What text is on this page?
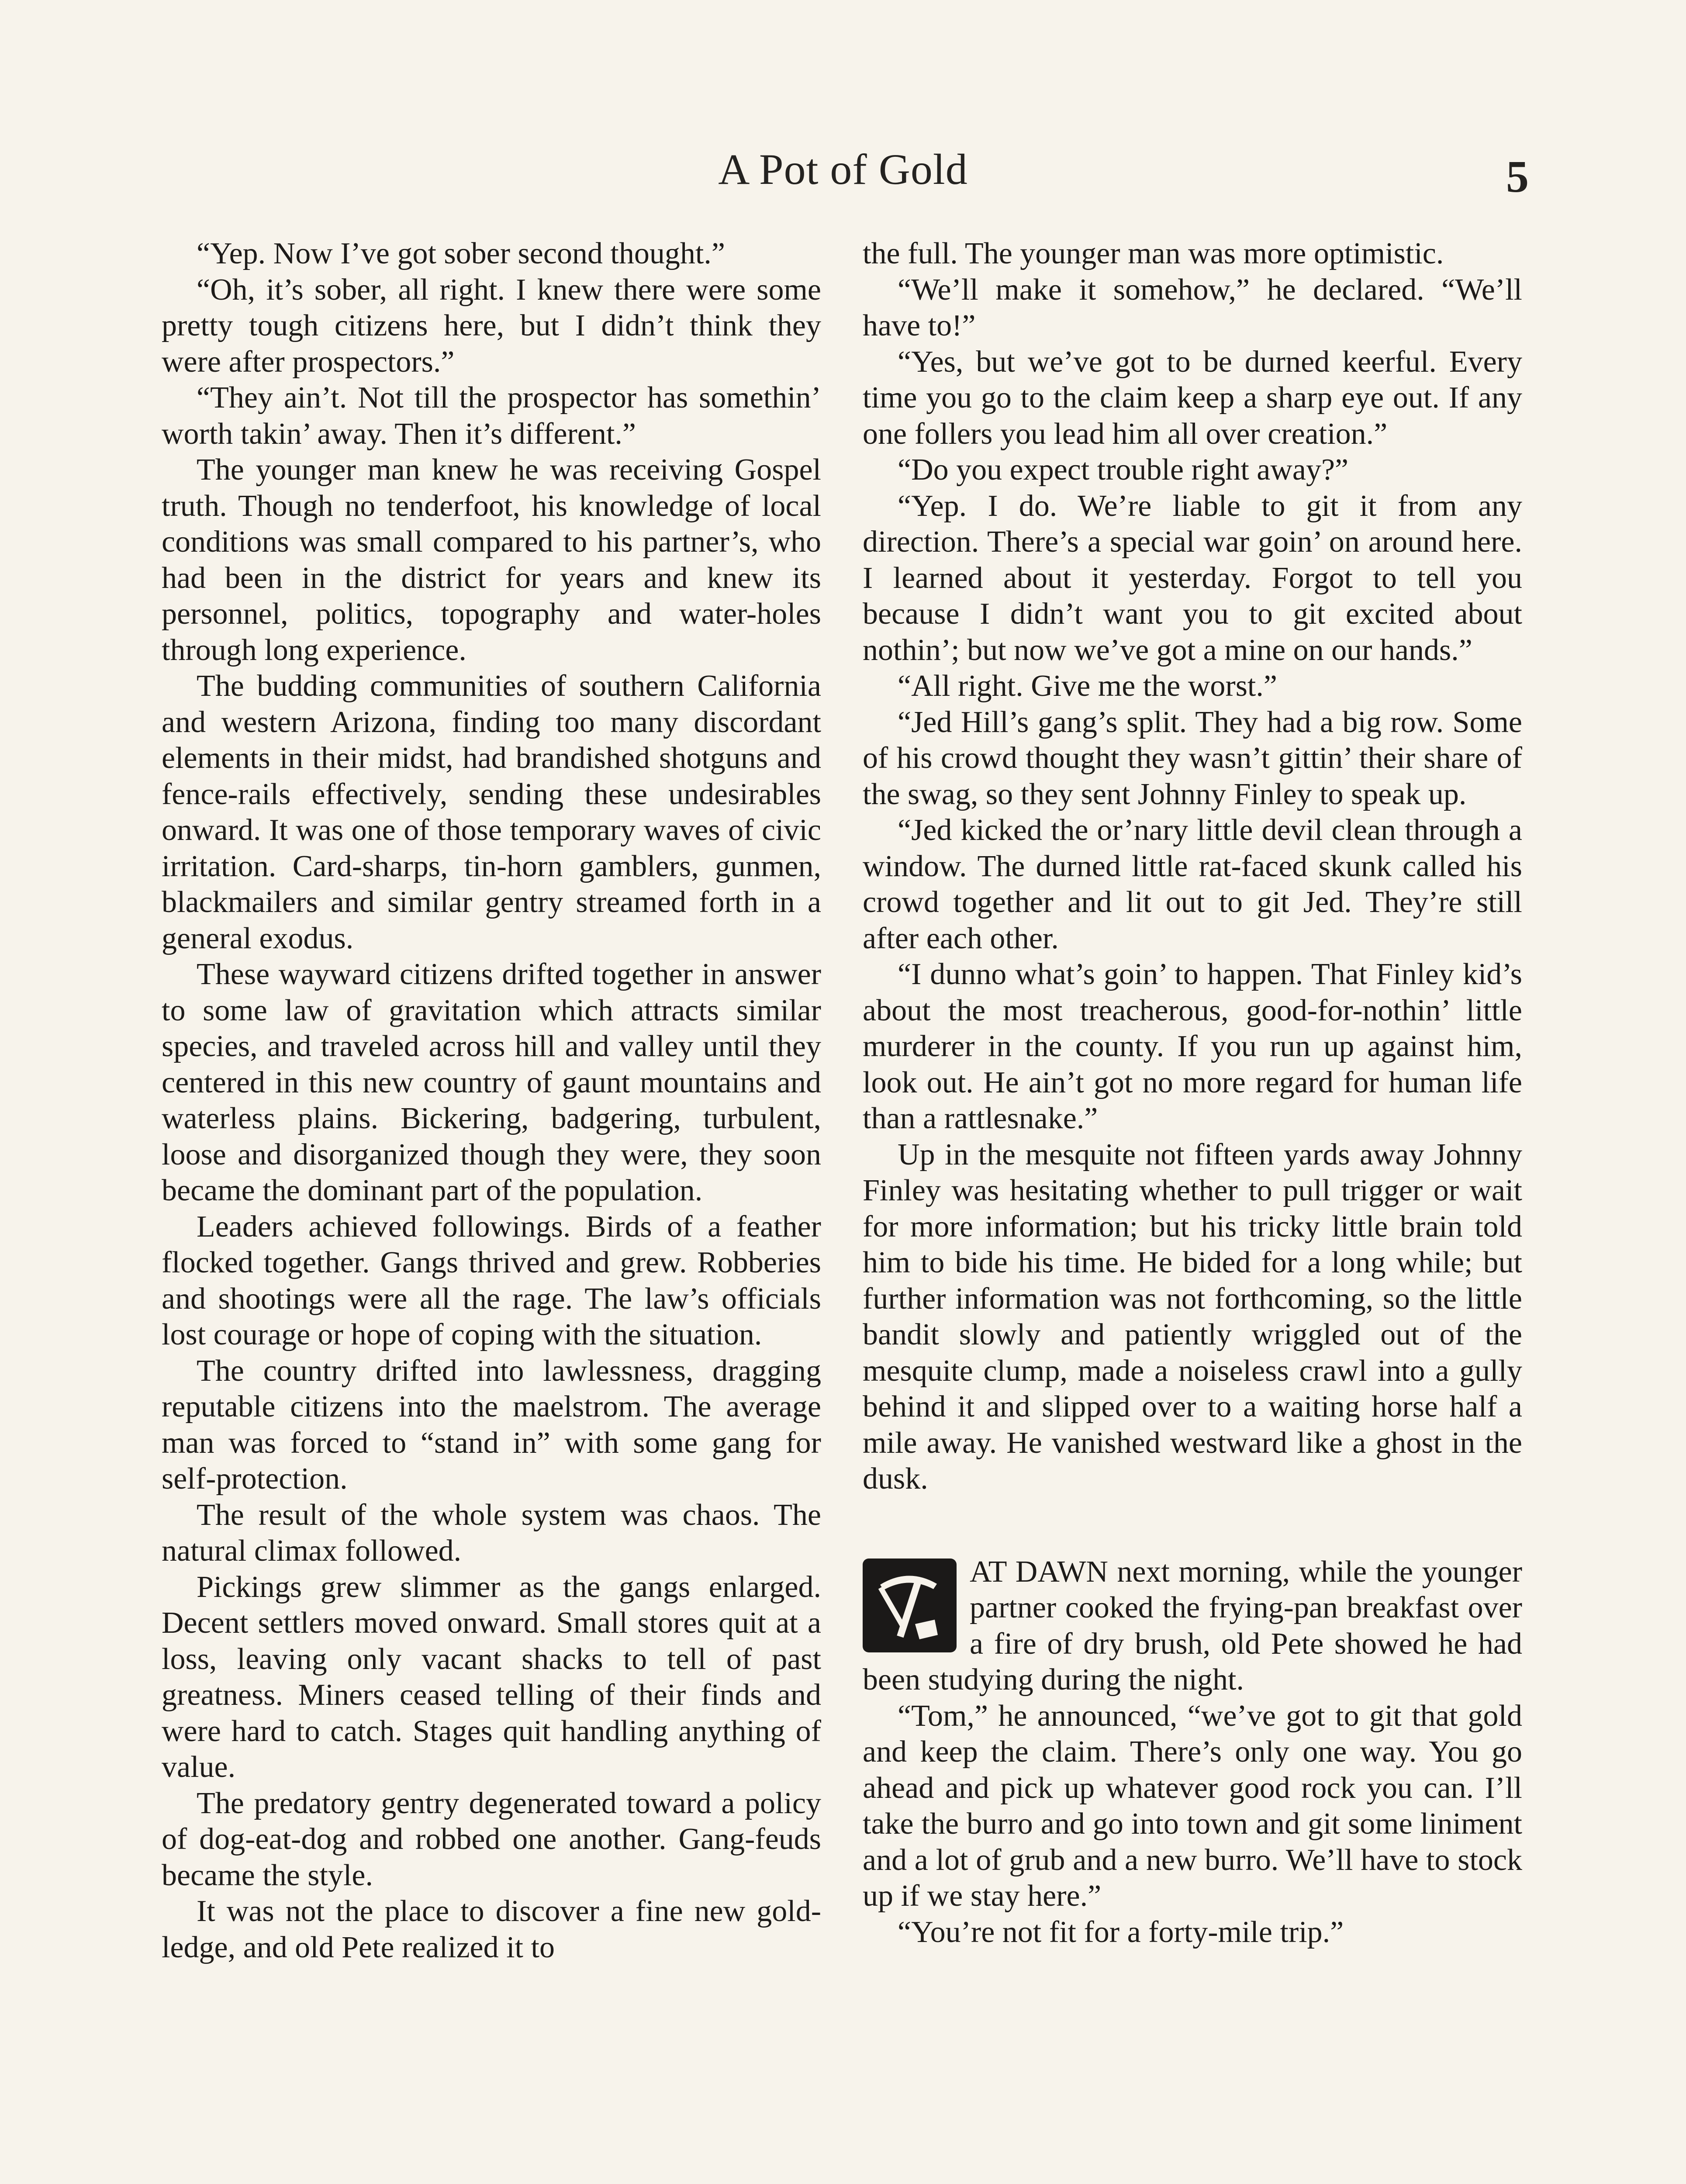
A Pot of Gold	5

“Yep. Now I’ve got sober second thought.”

“Oh, it’s sober, all right. I knew there were some pretty tough citizens here, but I didn’t think they were after prospectors.”

“They ain’t. Not till the prospector has somethin’ worth takin’ away. Then it’s different.”

The younger man knew he was receiving Gospel truth. Though no tenderfoot, his knowledge of local conditions was small compared to his partner’s, who had been in the district for years and knew its personnel, politics, topography and water-holes through long experience.

The budding communities of southern California and western Arizona, finding too many discordant elements in their midst, had brandished shotguns and fence-rails effectively, sending these undesirables onward. It was one of those temporary waves of civic irritation. Card-sharps, tin-horn gamblers, gunmen, blackmailers and similar gentry streamed forth in a general exodus.

These wayward citizens drifted together in answer to some law of gravitation which attracts similar species, and traveled across hill and valley until they centered in this new country of gaunt mountains and waterless plains. Bickering, badgering, turbulent, loose and disorganized though they were, they soon became the dominant part of the population.

Leaders achieved followings. Birds of a feather flocked together. Gangs thrived and grew. Robberies and shootings were all the rage. The law’s officials lost courage or hope of coping with the situation.

The country drifted into lawlessness, dragging reputable citizens into the maelstrom. The average man was forced to “stand in” with some gang for self-protection.

The result of the whole system was chaos. The natural climax followed.

Pickings grew slimmer as the gangs enlarged. Decent settlers moved onward. Small stores quit at a loss, leaving only vacant shacks to tell of past greatness. Miners ceased telling of their finds and were hard to catch. Stages quit handling anything of value.

The predatory gentry degenerated toward a policy of dog-eat-dog and robbed one another. Gang-feuds became the style.

It was not the place to discover a fine new gold-ledge, and old Pete realized it to

the full. The younger man was more optimistic.

“We’ll make it somehow,” he declared. “We’ll have to!”

“Yes, but we’ve got to be durned keerful. Every time you go to the claim keep a sharp eye out. If any one follers you lead him all over creation.”

“Do you expect trouble right away?”

“Yep. I do. We’re liable to git it from any direction. There’s a special war goin’ on around here. I learned about it yesterday. Forgot to tell you because I didn’t want you to git excited about nothin’; but now we’ve got a mine on our hands.”

“All right. Give me the worst.”

“Jed Hill’s gang’s split. They had a big row. Some of his crowd thought they wasn’t gittin’ their share of the swag, so they sent Johnny Finley to speak up.

“Jed kicked the or’nary little devil clean through a window. The durned little rat-faced skunk called his crowd together and lit out to git Jed. They’re still after each other.

“I dunno what’s goin’ to happen. That Finley kid’s about the most treacherous, good-for-nothin’ little murderer in the county. If you run up against him, look out. He ain’t got no more regard for human life than a rattlesnake.”

Up in the mesquite not fifteen yards away Johnny Finley was hesitating whether to pull trigger or wait for more information; but his tricky little brain told him to bide his time. He bided for a long while; but further information was not forthcoming, so the little bandit slowly and patiently wriggled out of the mesquite clump, made a noiseless crawl into a gully behind it and slipped over to a waiting horse half a mile away. He vanished westward like a ghost in the dusk.

AT DAWN next morning, while the younger partner cooked the frying-pan breakfast over a fire of dry brush, old Pete showed he had been studying during the night.

“Tom,” he announced, “we’ve got to git that gold and keep the claim. There’s only one way. You go ahead and pick up whatever good rock you can. I’ll take the burro and go into town and git some liniment and a lot of grub and a new burro. We’ll have to stock up if we stay here.”

“You’re not fit for a forty-mile trip.”
